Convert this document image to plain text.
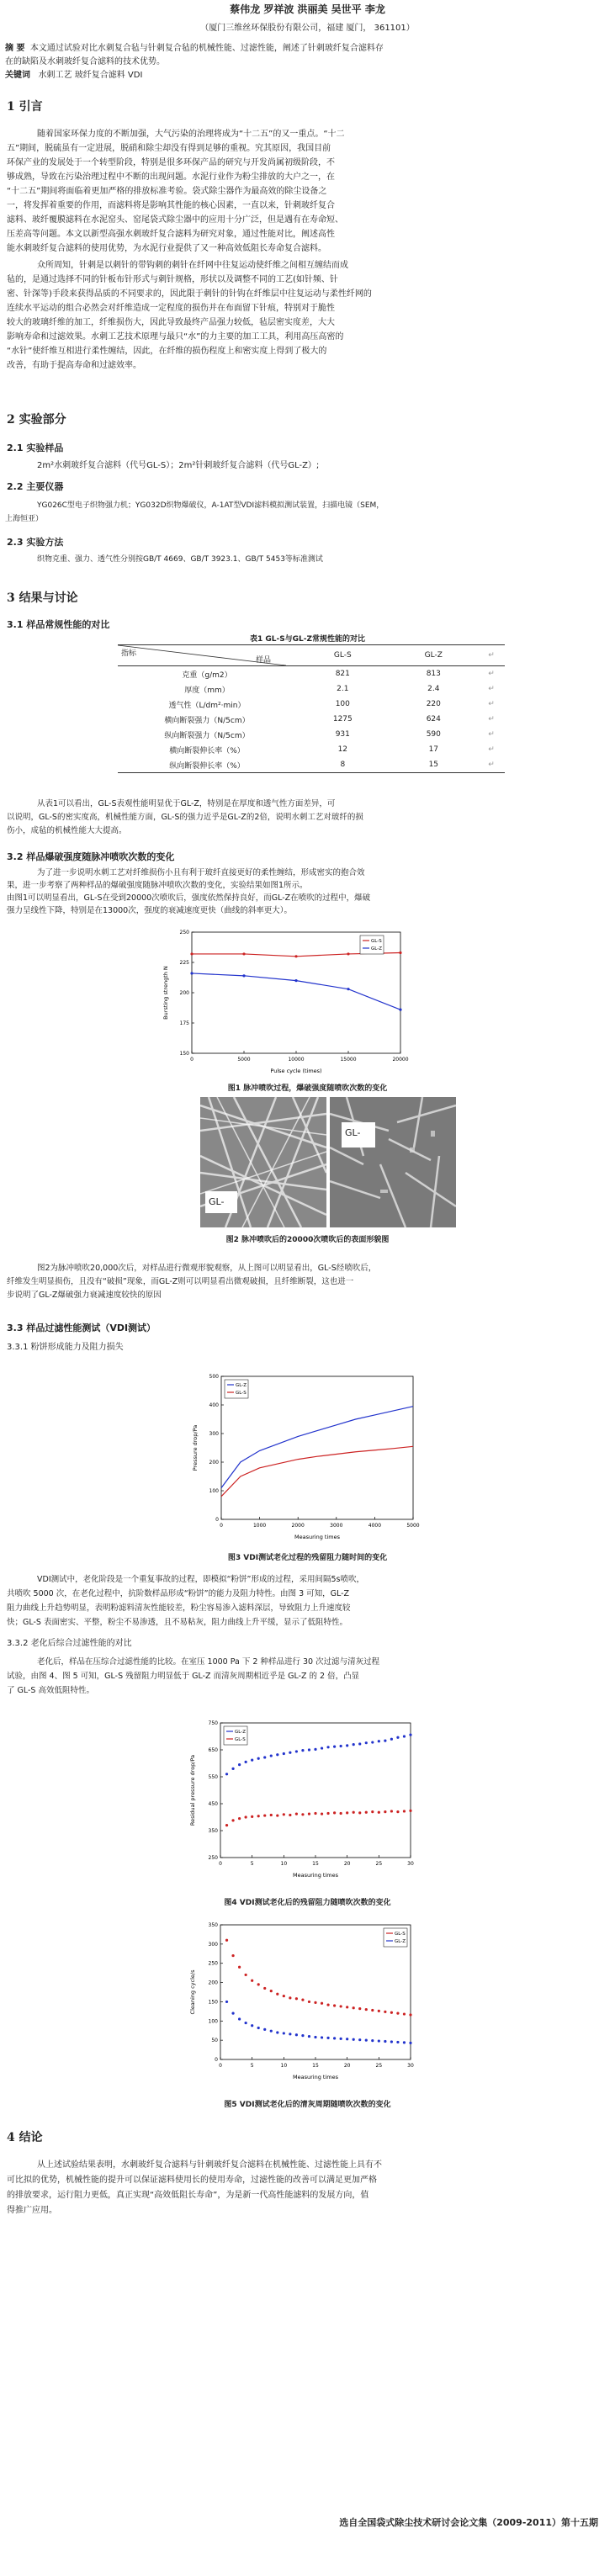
蔡伟龙 罗祥波 洪丽美 吴世平 李龙
（厦门三维丝环保股份有限公司，福建 厦门， 361101）
摘 要 本文通过试验对比水刺复合毡与针刺复合毡的机械性能、过滤性能，阐述了针刺玻纤复合滤料存
在的缺陷及水刺玻纤复合滤料的技术优势。
关键词 水刺工艺 玻纤复合滤料 VDI
1 引言
随着国家环保力度的不断加强，大气污染的治理将成为“十二五”的又一重点。“十二
五”期间，脱硫虽有一定进展，脱硝和除尘却没有得到足够的重视。究其原因，我国目前
环保产业的发展处于一个转型阶段，特别是很多环保产品的研究与开发尚属初级阶段，不
够成熟，导致在污染治理过程中不断的出现问题。水泥行业作为粉尘排放的大户之一，在
“十二五”期间将面临着更加严格的排放标准考验。袋式除尘器作为最高效的除尘设备之
一，将发挥着重要的作用，而滤料将是影响其性能的核心因素，一直以来，针刺玻纤复合
滤料、玻纤覆膜滤料在水泥窑头、窑尾袋式除尘器中的应用十分广泛，但是遇有在寿命短、
压差高等问题。本文以新型高强水刺玻纤复合滤料为研究对象，通过性能对比，阐述高性
能水刺玻纤复合滤料的使用优势，为水泥行业提供了又一种高效低阻长寿命复合滤料。
众所周知，针刺是以刺针的带钩刺的刺针在纤网中往复运动使纤维之间相互缠结而成
毡的，是通过选择不同的针板布针形式与刺针规格，形状以及调整不同的工艺(如针频、针
密、针深等)手段来获得品质的不同要求的，因此限于刺针的针钩在纤维层中往复运动与柔性纤网的
连续水平运动的组合必然会对纤维造成一定程度的损伤并在布面留下针痕，特别对于脆性
较大的玻璃纤维的加工，纤维损伤大，因此导致最终产品强力较低，毡层密实度差，大大
影响寿命和过滤效果。水刺工艺技术原理与最只“水”的力主要的加工工具，利用高压高密的
“水针”使纤维互相进行柔性缠结，因此，在纤维的损伤程度上和密实度上得到了极大的
改善，有助于提高寿命和过滤效率。
2 实验部分
2.1 实验样品
2m²水刺玻纤复合滤料（代号GL-S）；2m²针刺玻纤复合滤料（代号GL-Z）;
2.2 主要仪器
YG026C型电子织物强力机；YG032D织物爆破仪，A-1AT型VDI滤料模拟测试装置，扫描电镜（SEM，
上海恒亚）
2.3 实验方法
织物克重、强力、透气性分别按GB/T 4669、GB/T 3923.1、GB/T 5453等标准测试
3 结果与讨论
3.1 样品常规性能的对比
表1 GL-S与GL-Z常规性能的对比
指标
样品	GL-S	GL-Z	↵
克重（g/m2）	821	813	↵
厚度（mm）	2.1	2.4	↵
透气性（L/dm²·min）	100	220	↵
横向断裂强力（N/5cm）	1275	624	↵
纵向断裂强力（N/5cm）	931	590	↵
横向断裂伸长率（%）	12	17	↵
纵向断裂伸长率（%）	8	15	↵
从表1可以看出，GL-S表观性能明显优于GL-Z，特别是在厚度和透气性方面差异，可
以说明，GL-S的密实度高，机械性能方面，GL-S的强力近乎是GL-Z的2倍，说明水刺工艺对玻纤的损
伤小，成毡的机械性能大大提高。
3.2 样品爆破强度随脉冲喷吹次数的变化
为了进一步说明水刺工艺对纤维损伤小且有利于玻纤直接更好的柔性缠结，形成密实的抱合效
果，进一步考察了两种样品的爆破强度随脉冲喷吹次数的变化，实验结果如图1所示。
由图1可以明显看出，GL-S在受到20000次喷吹后，强度依然保持良好，而GL-Z在喷吹的过程中，爆破
强力呈线性下降，特别是在13000次，强度的衰减速度更快（曲线的斜率更大）。
0	5000	10000	15000	20000
150
175
200
225
250
Pulse cycle (times)
Bursting strength N
GL-S
GL-Z
图1 脉冲喷吹过程，爆破强度随喷吹次数的变化
GL-
GL-
图2 脉冲喷吹后的20000次喷吹后的表面形貌图
图2为脉冲喷吹20,000次后，对样品进行微观形貌观察，从上图可以明显看出，GL-S经喷吹后，
纤维发生明显损伤，且没有“破损”现象，而GL-Z则可以明显看出微观破损，且纤维断裂，这也进一
步说明了GL-Z爆破强力衰减速度较快的原因
3.3 样品过滤性能测试（VDI测试）
3.3.1 粉饼形成能力及阻力损失
0	1000	2000	3000	4000	5000
0
100
200
300
400
500
Measuring times
Pressure drop/Pa
GL-Z
GL-S
图3 VDI测试老化过程的残留阻力随时间的变化
VDI测试中，老化阶段是一个重复事故的过程，即模拟“粉饼”形成的过程，采用间隔5s喷吹，
共喷吹 5000 次，在老化过程中，抗阶数样品形成“粉饼”的能力及阻力特性。由图 3 可知，GL-Z
阻力曲线上升趋势明显，表明粉滤料清灰性能较差，粉尘容易渗入滤料深层，导致阻力上升速度较
快；GL-S 表面密实、平整，粉尘不易渗透，且不易粘灰，阻力曲线上升平缓，显示了低阻特性。
3.3.2 老化后综合过滤性能的对比
老化后，样品在压综合过滤性能的比较。在室压 1000 Pa 下 2 种样品进行 30 次过滤与清灰过程
试验，由图 4、图 5 可知，GL-S 残留阻力明显低于 GL-Z 而清灰周期相近乎是 GL-Z 的 2 倍，凸显
了 GL-S 高效低阻特性。
0	5	10	15	20	25	30
250
350
450
550
650
750
Measuring times
Residual pressure drop/Pa
GL-Z
GL-S
图4 VDI测试老化后的残留阻力随喷吹次数的变化
0	5	10	15	20	25	30
0
50
100
150
200
250
300
350
Measuring times
Cleaning cycle/s
GL-S
GL-Z
图5 VDI测试老化后的清灰周期随喷吹次数的变化
4 结论
从上述试验结果表明，水刺玻纤复合滤料与针刺玻纤复合滤料在机械性能、过滤性能上具有不
可比拟的优势，机械性能的提升可以保证滤料使用长的使用寿命，过滤性能的改善可以满足更加严格
的排放要求，运行阻力更低，真正实现“高效低阻长寿命”，为是新一代高性能滤料的发展方向，值
得推广应用。
选自全国袋式除尘技术研讨会论文集（2009-2011）第十五期
